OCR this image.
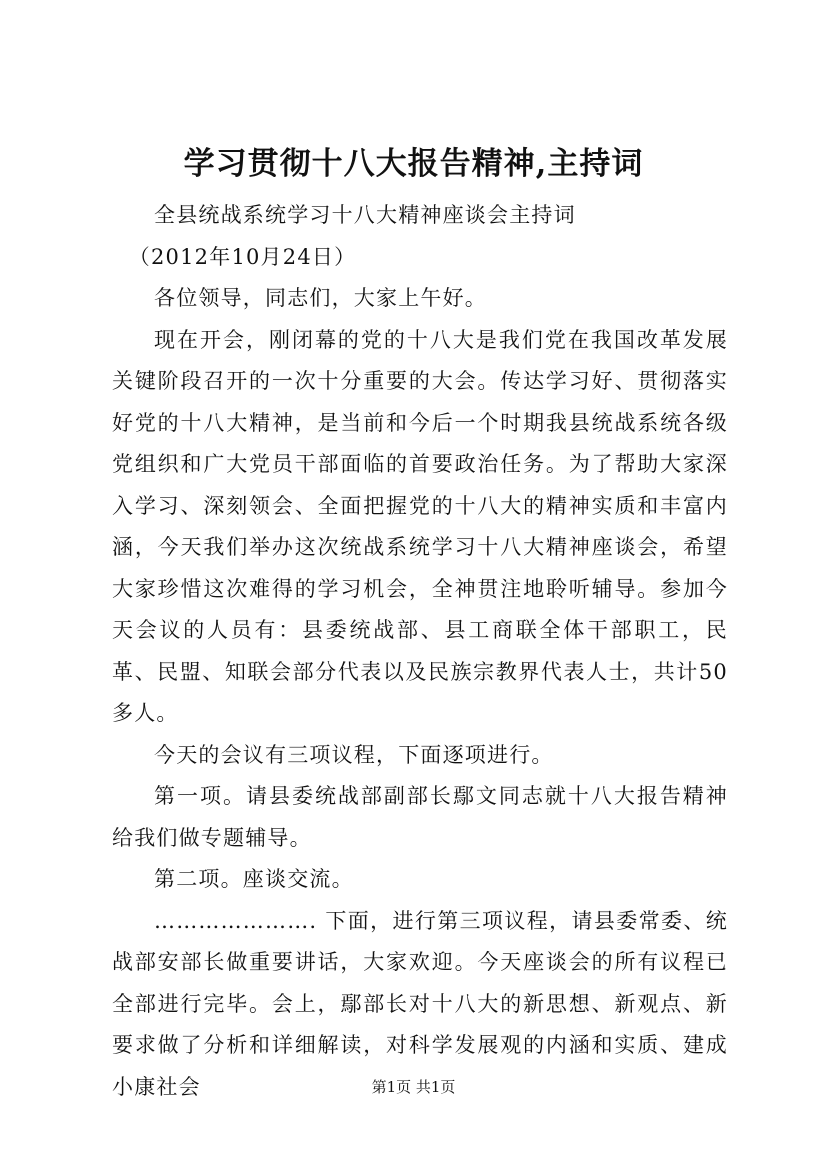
学习贯彻十八大报告精神,主持词

全县统战系统学习十八大精神座谈会主持词

（2012年10月24日）

各位领导，同志们，大家上午好。

现在开会，刚闭幕的党的十八大是我们党在我国改革发展关键阶段召开的一次十分重要的大会。传达学习好、贯彻落实好党的十八大精神，是当前和今后一个时期我县统战系统各级党组织和广大党员干部面临的首要政治任务。为了帮助大家深入学习、深刻领会、全面把握党的十八大的精神实质和丰富内涵，今天我们举办这次统战系统学习十八大精神座谈会，希望大家珍惜这次难得的学习机会，全神贯注地聆听辅导。参加今天会议的人员有：县委统战部、县工商联全体干部职工，民革、民盟、知联会部分代表以及民族宗教界代表人士，共计50多人。

今天的会议有三项议程，下面逐项进行。

第一项。请县委统战部副部长鄢文同志就十八大报告精神给我们做专题辅导。

第二项。座谈交流。

…………………. 下面，进行第三项议程，请县委常委、统战部安部长做重要讲话，大家欢迎。今天座谈会的所有议程已全部进行完毕。会上，鄢部长对十八大的新思想、新观点、新要求做了分析和详细解读，对科学发展观的内涵和实质、建成小康社会	第1页 共1页
